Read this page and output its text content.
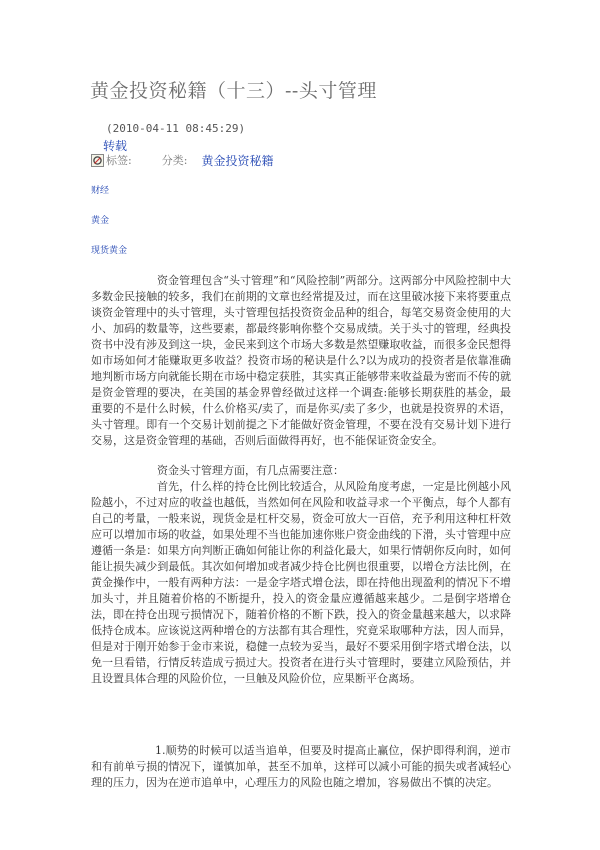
黄金投资秘籍（十三）--头寸管理
(2010-04-11 08:45:29)
转载
标签:	分类: 黄金投资秘籍
财经
黄金
现货黄金

资金管理包含“头寸管理”和“风险控制”两部分。这两部分中风险控制中大多数金民接触的较多，我们在前期的文章也经常提及过，而在这里破冰接下来将要重点谈资金管理中的头寸管理，头寸管理包括投资资金品种的组合，每笔交易资金使用的大小、加码的数量等，这些要素，都最终影响你整个交易成绩。关于头寸的管理，经典投资书中没有涉及到这一块，金民来到这个市场大多数是然望赚取收益，而很多金民想得如市场如何才能赚取更多收益？投资市场的秘诀是什么?以为成功的投资者是依靠准确地判断市场方向就能长期在市场中稳定获胜，其实真正能够带来收益最为密而不传的就是资金管理的要决，在美国的基金界曾经做过这样一个调查:能够长期获胜的基金，最重要的不是什么时候，什么价格买/卖了，而是你买/卖了多少，也就是投资界的术语，头寸管理。即有一个交易计划前提之下才能做好资金管理，不要在没有交易计划下进行交易，这是资金管理的基础，否则后面做得再好，也不能保证资金安全。

资金头寸管理方面，有几点需要注意：

首先，什么样的持仓比例比较适合，从风险角度考虑，一定是比例越小风险越小，不过对应的收益也越低，当然如何在风险和收益寻求一个平衡点，每个人都有自己的考量，一般来说，现货金是杠杆交易，资金可放大一百倍，充予利用这种杠杆效应可以增加市场的收益，如果处理不当也能加速你账户资金曲线的下滑，头寸管理中应遵循一条是：如果方向判断正确如何能让你的利益化最大，如果行情朝你反向时，如何能让损失减少到最低。其次如何增加或者减少持仓比例也很重要，以增仓方法比例，在黄金操作中，一般有两种方法：一是金字塔式增仓法，即在持他出现盈利的情况下不增加头寸，并且随着价格的不断提升，投入的资金量应遵循越来越少。二是倒字塔增仓法，即在持仓出现亏损情况下，随着价格的不断下跌，投入的资金量越来越大，以求降低持仓成本。应该说这两种增仓的方法都有其合理性，究竟采取哪种方法，因人而异，但是对于刚开始参于金市来说，稳健一点较为妥当，最好不要采用倒字塔式增仓法，以免一旦看错，行情反转造成亏损过大。投资者在进行头寸管理时，要建立风险预估，并且设置具体合理的风险价位，一旦触及风险价位，应果断平仓离场。

1.顺势的时候可以适当追单，但要及时提高止赢位，保护即得利润，逆市和有前单亏损的情况下，谨慎加单，甚至不加单，这样可以减小可能的损失或者减轻心理的压力，因为在逆市追单中，心理压力的风险也随之增加，容易做出不慎的决定。
